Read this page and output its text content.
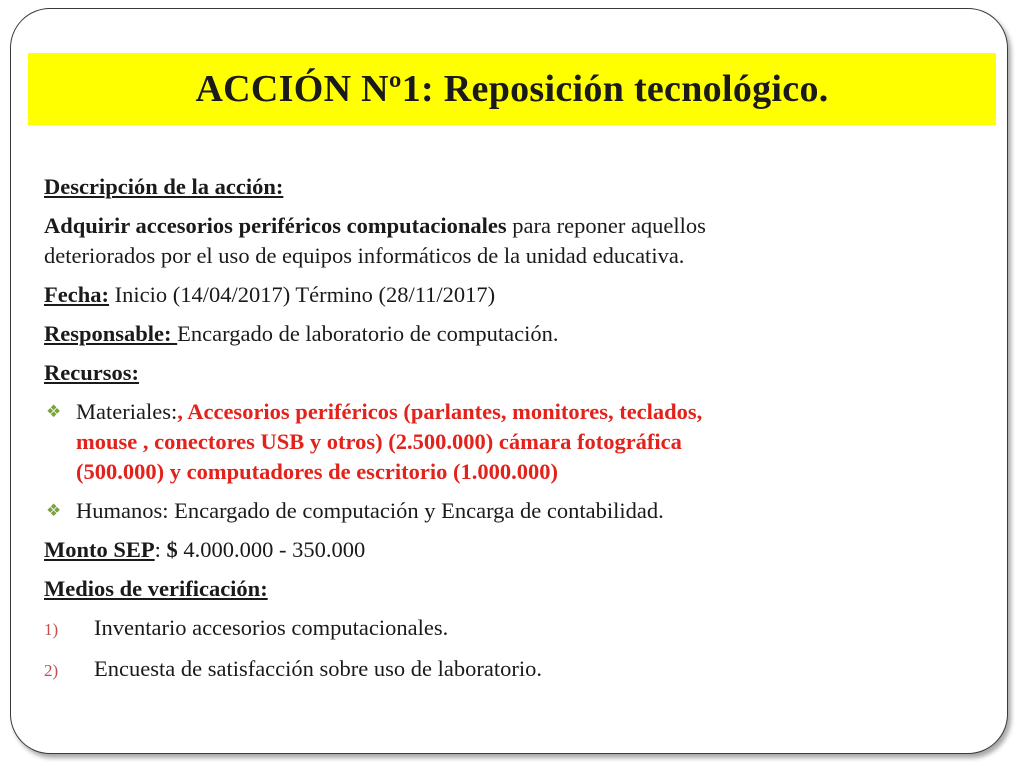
ACCIÓN Nº1: Reposición tecnológico.
Descripción de la acción:
Adquirir accesorios periféricos computacionales para reponer aquellos
deteriorados por el uso de equipos informáticos de la unidad educativa.
Fecha: Inicio (14/04/2017) Término (28/11/2017)
Responsable: Encargado de laboratorio de computación.
Recursos:
❖ Materiales:, Accesorios periféricos (parlantes, monitores, teclados,
mouse , conectores USB y otros) (2.500.000) cámara fotográfica
(500.000) y computadores de escritorio (1.000.000)
❖ Humanos: Encargado de computación y Encarga de contabilidad.
Monto SEP: $ 4.000.000 - 350.000
Medios de verificación:
1)	Inventario accesorios computacionales.
2)	Encuesta de satisfacción sobre uso de laboratorio.
